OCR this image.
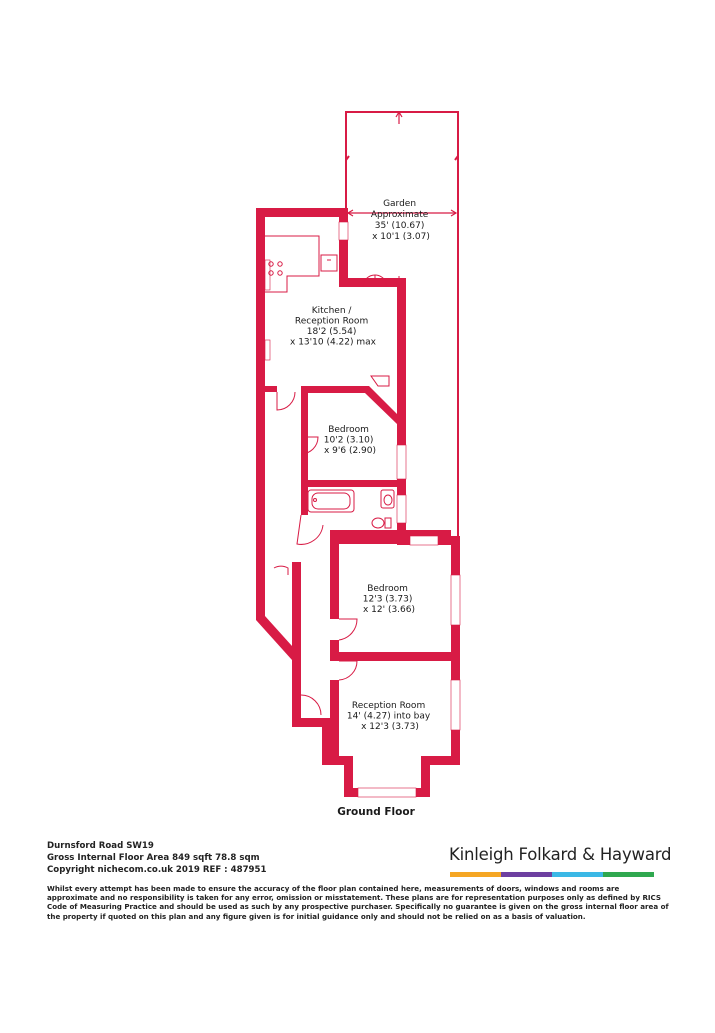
Garden Approximate 35' (10.67) x 10'1 (3.07)
Kitchen / Reception Room 18'2 (5.54) x 13'10 (4.22) max
Bedroom 10'2 (3.10) x 9'6 (2.90)
Bedroom 12'3 (3.73) x 12' (3.66)
Reception Room 14' (4.27) into bay x 12'3 (3.73)
Ground Floor
Durnsford Road SW19
Gross Internal Floor Area 849 sqft 78.8 sqm
Copyright nichecom.co.uk 2019 REF : 487951
Kinleigh Folkard & Hayward
Whilst every attempt has been made to ensure the accuracy of the floor plan contained here, measurements of doors, windows and rooms are approximate and no responsibility is taken for any error, omission or misstatement. These plans are for representation purposes only as defined by RICS Code of Measuring Practice and should be used as such by any prospective purchaser. Specifically no guarantee is given on the gross internal floor area of the property if quoted on this plan and any figure given is for initial guidance only and should not be relied on as a basis of valuation.
